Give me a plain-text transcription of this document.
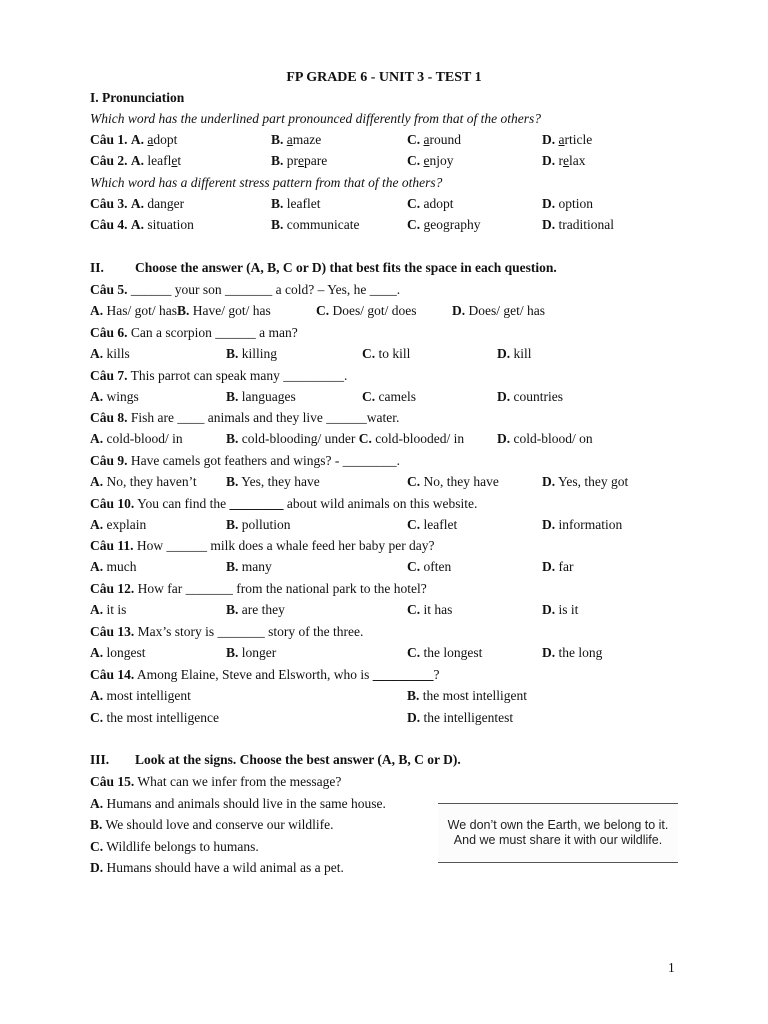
FP GRADE 6 - UNIT 3 - TEST 1
I. Pronunciation
Which word has the underlined part pronounced differently from that of the others?
Câu 1. A. adopt	B. amaze	C. around	D. article
Câu 2. A. leaflet	B. prepare	C. enjoy	D. relax
Which word has a different stress pattern from that of the others?
Câu 3. A. danger	B. leaflet	C. adopt	D. option
Câu 4. A. situation	B. communicate	C. geography	D. traditional
II. Choose the answer (A, B, C or D) that best fits the space in each question.
Câu 5. ______ your son _______ a cold? – Yes, he ____.
A. Has/ got/ hasB. Have/ got/ has	C. Does/ got/ does	D. Does/ get/ has
Câu 6. Can a scorpion ______ a man?
A. kills	B. killing	C. to kill	D. kill
Câu 7. This parrot can speak many _________.
A. wings	B. languages	C. camels	D. countries
Câu 8. Fish are ____ animals and they live ______water.
A. cold-blood/ in	B. cold-blooding/ under C. cold-blooded/ in D. cold-blood/ on
Câu 9. Have camels got feathers and wings? - ________.
A. No, they haven’t B. Yes, they have	C. No, they have	D. Yes, they got
Câu 10. You can find the ________ about wild animals on this website.
A. explain	B. pollution	C. leaflet	D. information
Câu 11. How ______ milk does a whale feed her baby per day?
A. much	B. many	C. often	D. far
Câu 12. How far _______ from the national park to the hotel?
A. it is	B. are they	C. it has	D. is it
Câu 13. Max’s story is _______ story of the three.
A. longest	B. longer	C. the longest	D. the long
Câu 14. Among Elaine, Steve and Elsworth, who is _________?
A. most intelligent	B. the most intelligent
C. the most intelligence	D. the intelligentest
III. Look at the signs. Choose the best answer (A, B, C or D).
Câu 15. What can we infer from the message?
A. Humans and animals should live in the same house.
B. We should love and conserve our wildlife.
C. Wildlife belongs to humans.
D. Humans should have a wild animal as a pet.
We don’t own the Earth, we belong to it.
And we must share it with our wildlife.
1
